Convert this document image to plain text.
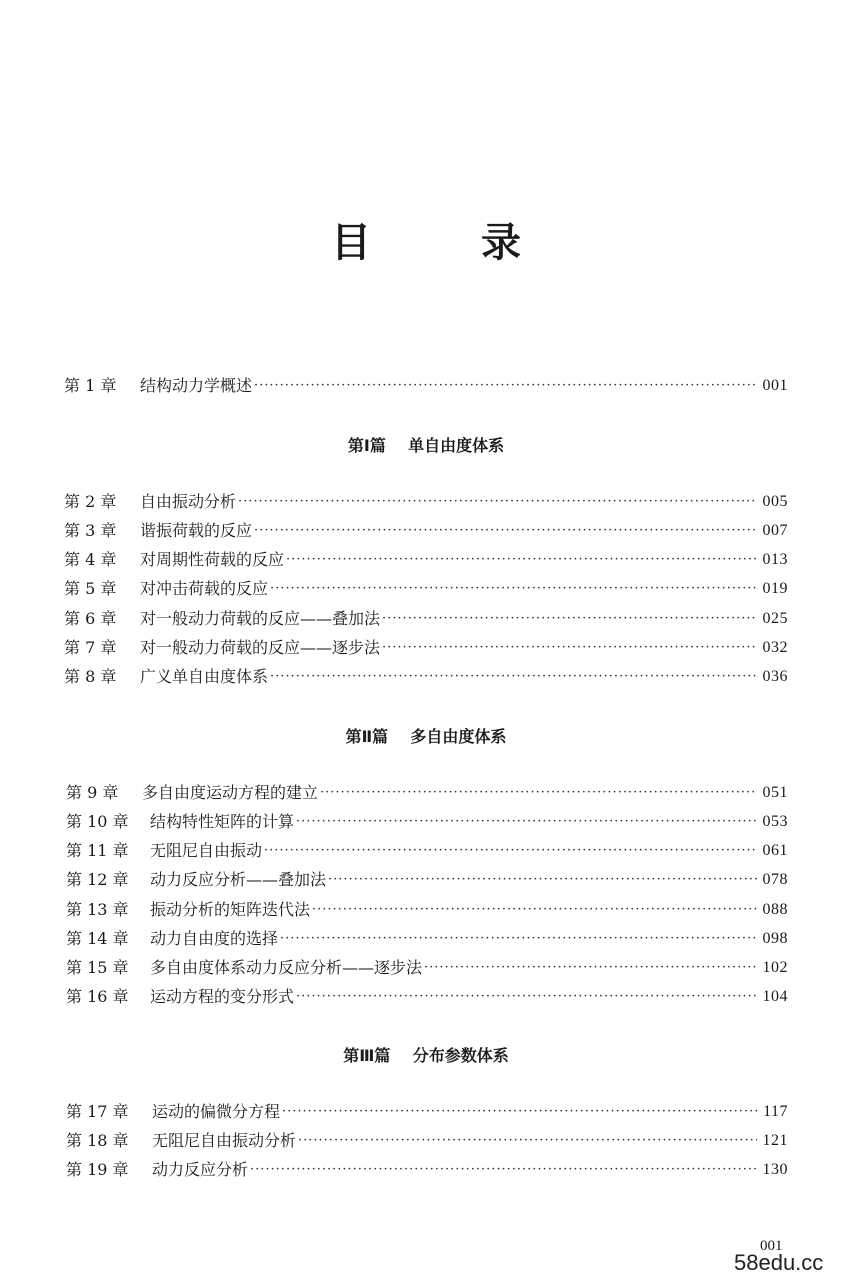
目 录
第 1 章	结构动力学概述 ·····	001
第Ⅰ篇 单自由度体系
第 2 章	自由振动分析 ·····	005
第 3 章	谐振荷载的反应 ·····	007
第 4 章	对周期性荷载的反应 ·····	013
第 5 章	对冲击荷载的反应 ·····	019
第 6 章	对一般动力荷载的反应——叠加法 ·····	025
第 7 章	对一般动力荷载的反应——逐步法 ·····	032
第 8 章	广义单自由度体系 ·····	036
第Ⅱ篇 多自由度体系
第 9 章	多自由度运动方程的建立 ·····	051
第 10 章	结构特性矩阵的计算 ·····	053
第 11 章	无阻尼自由振动 ·····	061
第 12 章	动力反应分析——叠加法 ·····	078
第 13 章	振动分析的矩阵迭代法 ·····	088
第 14 章	动力自由度的选择 ·····	098
第 15 章	多自由度体系动力反应分析——逐步法 ·····	102
第 16 章	运动方程的变分形式 ·····	104
第Ⅲ篇 分布参数体系
第 17 章	运动的偏微分方程 ·····	117
第 18 章	无阻尼自由振动分析 ·····	121
第 19 章	动力反应分析 ·····	130
001
58edu.cc
